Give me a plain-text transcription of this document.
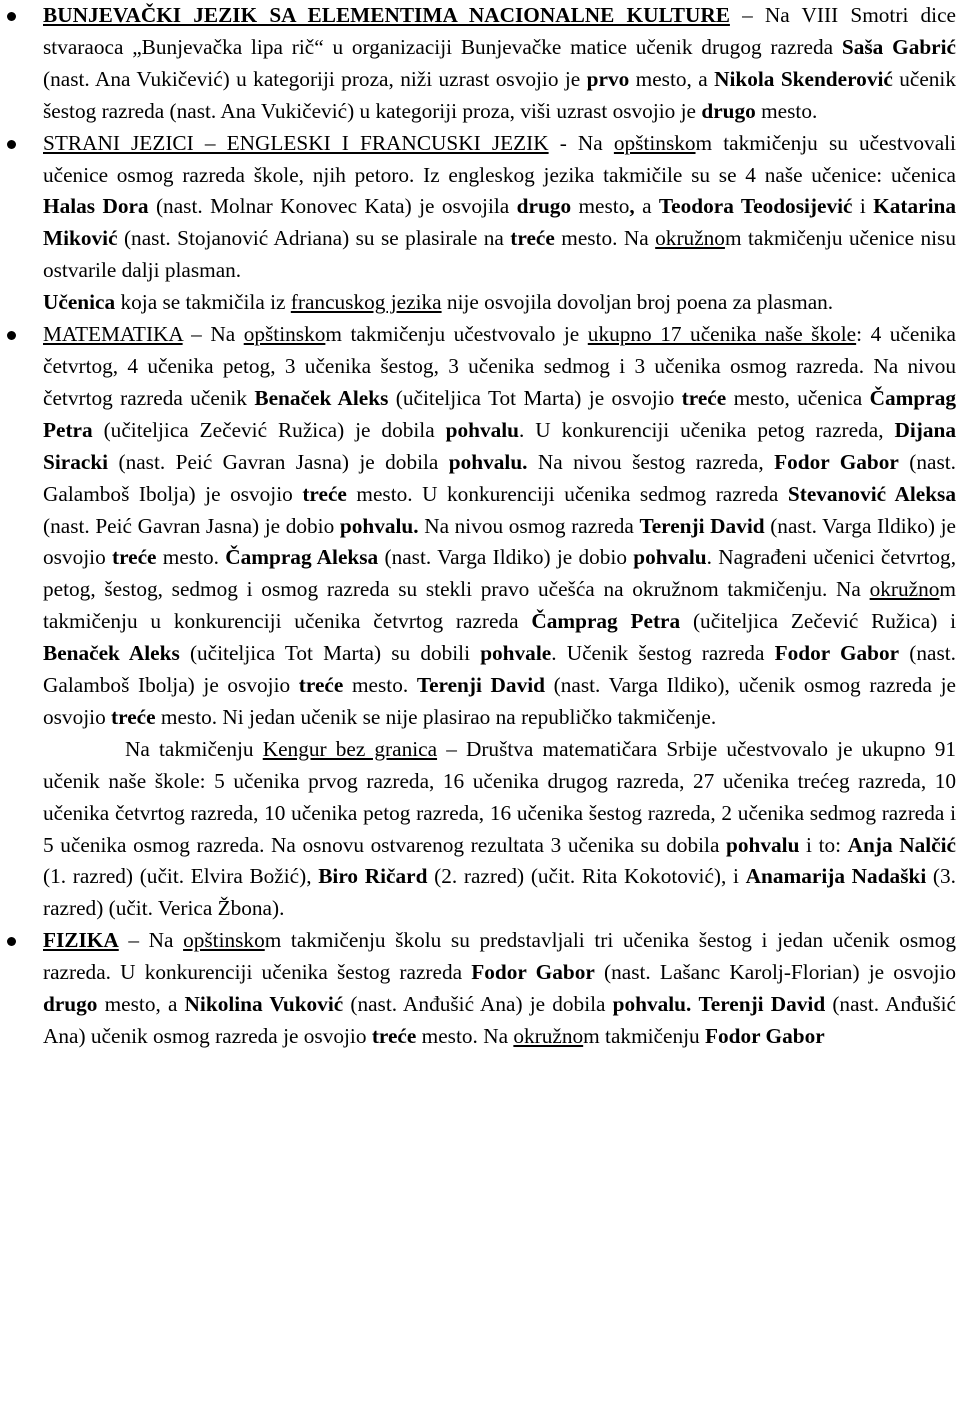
BUNJEVAČKI JEZIK SA ELEMENTIMA NACIONALNE KULTURE – Na VIII Smotri dice stvaraoca „Bunjevačka lipa rič“ u organizaciji Bunjevačke matice učenik drugog razreda Saša Gabrić (nast. Ana Vukičević) u kategoriji proza, niži uzrast osvojio je prvo mesto, a Nikola Skenderović učenik šestog razreda (nast. Ana Vukičević) u kategoriji proza, viši uzrast osvojio je drugo mesto.

STRANI JEZICI – ENGLESKI I FRANCUSKI JEZIK - Na opštinskom takmičenju su učestvovali učenice osmog razreda škole, njih petoro. Iz engleskog jezika takmičile su se 4 naše učenice: učenica Halas Dora (nast. Molnar Konovec Kata) je osvojila drugo mesto, a Teodora Teodosijević i Katarina Miković (nast. Stojanović Adriana) su se plasirale na treće mesto. Na okružnom takmičenju učenice nisu ostvarile dalji plasman.

Učenica koja se takmičila iz francuskog jezika nije osvojila dovoljan broj poena za plasman.

MATEMATIKA – Na opštinskom takmičenju učestvovalo je ukupno 17 učenika naše škole: 4 učenika četvrtog, 4 učenika petog, 3 učenika šestog, 3 učenika sedmog i 3 učenika osmog razreda. Na nivou četvrtog razreda učenik Benaček Aleks (učiteljica Tot Marta) je osvojio treće mesto, učenica Čamprag Petra (učiteljica Zečević Ružica) je dobila pohvalu. U konkurenciji učenika petog razreda, Dijana Siracki (nast. Peić Gavran Jasna) je dobila pohvalu. Na nivou šestog razreda, Fodor Gabor (nast. Galamboš Ibolja) je osvojio treće mesto. U konkurenciji učenika sedmog razreda Stevanović Aleksa (nast. Peić Gavran Jasna) je dobio pohvalu. Na nivou osmog razreda Terenji David (nast. Varga Ildiko) je osvojio treće mesto. Čamprag Aleksa (nast. Varga Ildiko) je dobio pohvalu. Nagrađeni učenici četvrtog, petog, šestog, sedmog i osmog razreda su stekli pravo učešća na okružnom takmičenju. Na okružnom takmičenju u konkurenciji učenika četvrtog razreda Čamprag Petra (učiteljica Zečević Ružica) i Benaček Aleks (učiteljica Tot Marta) su dobili pohvale. Učenik šestog razreda Fodor Gabor (nast. Galamboš Ibolja) je osvojio treće mesto. Terenji David (nast. Varga Ildiko), učenik osmog razreda je osvojio treće mesto. Ni jedan učenik se nije plasirao na republičko takmičenje.

Na takmičenju Kengur bez granica – Društva matematičara Srbije učestvovalo je ukupno 91 učenik naše škole: 5 učenika prvog razreda, 16 učenika drugog razreda, 27 učenika trećeg razreda, 10 učenika četvrtog razreda, 10 učenika petog razreda, 16 učenika šestog razreda, 2 učenika sedmog razreda i 5 učenika osmog razreda. Na osnovu ostvarenog rezultata 3 učenika su dobila pohvalu i to: Anja Nalčić (1. razred) (učit. Elvira Božić), Biro Ričard (2. razred) (učit. Rita Kokotović), i Anamarija Nadaški (3. razred) (učit. Verica Žbona).

FIZIKA – Na opštinskom takmičenju školu su predstavljali tri učenika šestog i jedan učenik osmog razreda. U konkurenciji učenika šestog razreda Fodor Gabor (nast. Lašanc Karolj-Florian) je osvojio drugo mesto, a Nikolina Vuković (nast. Anđušić Ana) je dobila pohvalu. Terenji David (nast. Anđušić Ana) učenik osmog razreda je osvojio treće mesto. Na okružnom takmičenju Fodor Gabor
